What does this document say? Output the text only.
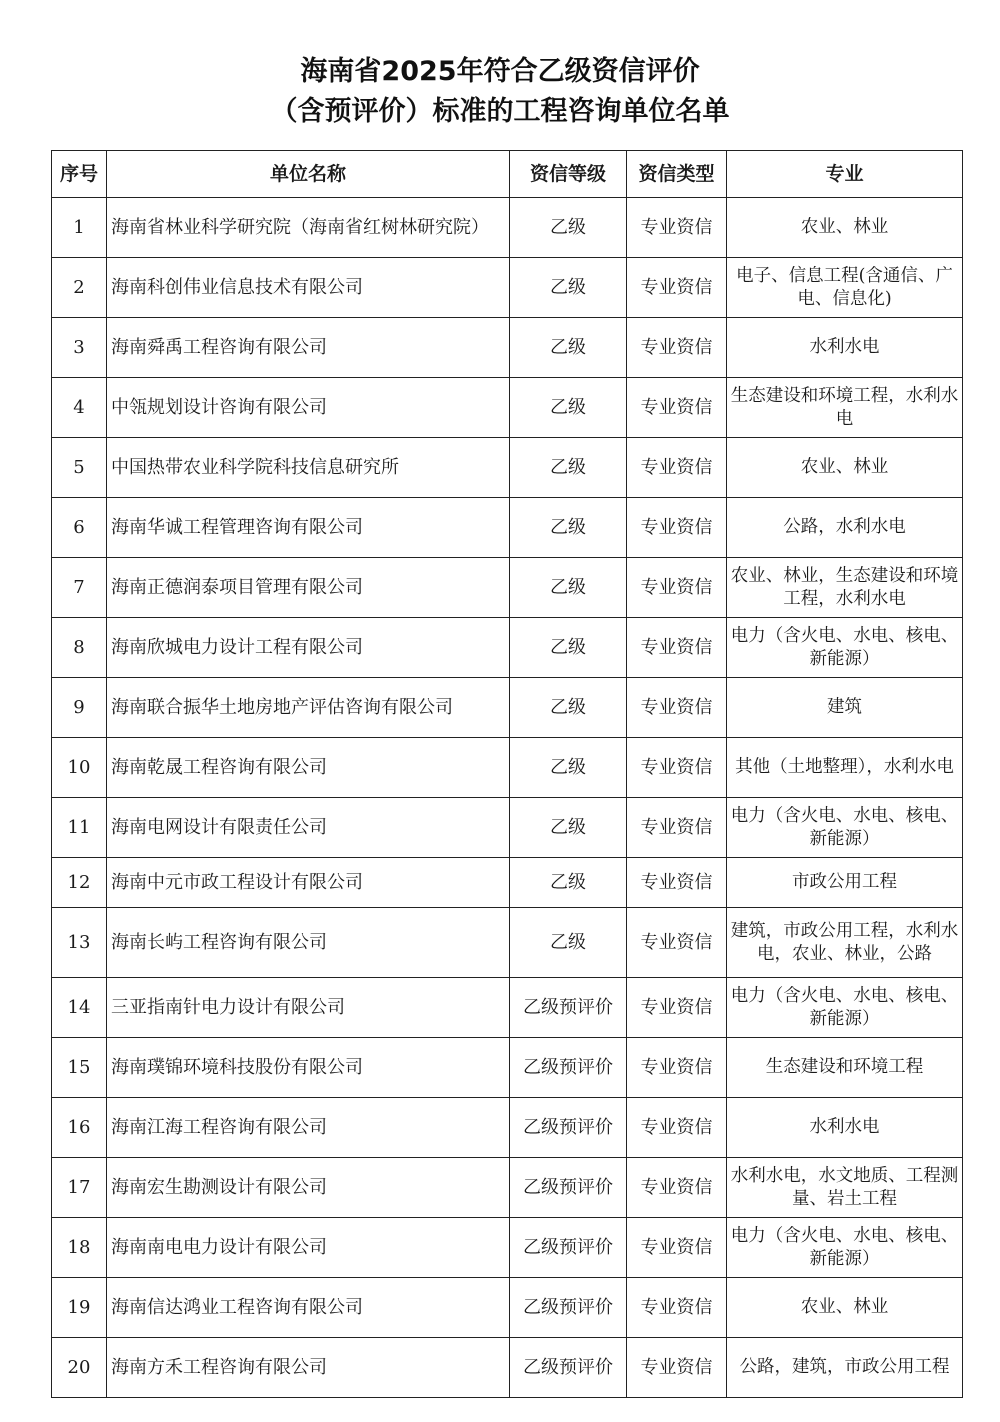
海南省2025年符合乙级资信评价
（含预评价）标准的工程咨询单位名单
序号	单位名称	资信等级	资信类型	专业
1	海南省林业科学研究院（海南省红树林研究院）	乙级	专业资信	农业、林业
2	海南科创伟业信息技术有限公司	乙级	专业资信	电子、信息工程(含通信、广电、信息化)
3	海南舜禹工程咨询有限公司	乙级	专业资信	水利水电
4	中瓴规划设计咨询有限公司	乙级	专业资信	生态建设和环境工程，水利水电
5	中国热带农业科学院科技信息研究所	乙级	专业资信	农业、林业
6	海南华诚工程管理咨询有限公司	乙级	专业资信	公路，水利水电
7	海南正德润泰项目管理有限公司	乙级	专业资信	农业、林业，生态建设和环境工程，水利水电
8	海南欣城电力设计工程有限公司	乙级	专业资信	电力（含火电、水电、核电、新能源）
9	海南联合振华土地房地产评估咨询有限公司	乙级	专业资信	建筑
10	海南乾晟工程咨询有限公司	乙级	专业资信	其他（土地整理），水利水电
11	海南电网设计有限责任公司	乙级	专业资信	电力（含火电、水电、核电、新能源）
12	海南中元市政工程设计有限公司	乙级	专业资信	市政公用工程
13	海南长屿工程咨询有限公司	乙级	专业资信	建筑，市政公用工程，水利水电，农业、林业，公路
14	三亚指南针电力设计有限公司	乙级预评价	专业资信	电力（含火电、水电、核电、新能源）
15	海南璞锦环境科技股份有限公司	乙级预评价	专业资信	生态建设和环境工程
16	海南江海工程咨询有限公司	乙级预评价	专业资信	水利水电
17	海南宏生勘测设计有限公司	乙级预评价	专业资信	水利水电，水文地质、工程测量、岩土工程
18	海南南电电力设计有限公司	乙级预评价	专业资信	电力（含火电、水电、核电、新能源）
19	海南信达鸿业工程咨询有限公司	乙级预评价	专业资信	农业、林业
20	海南方禾工程咨询有限公司	乙级预评价	专业资信	公路，建筑，市政公用工程
